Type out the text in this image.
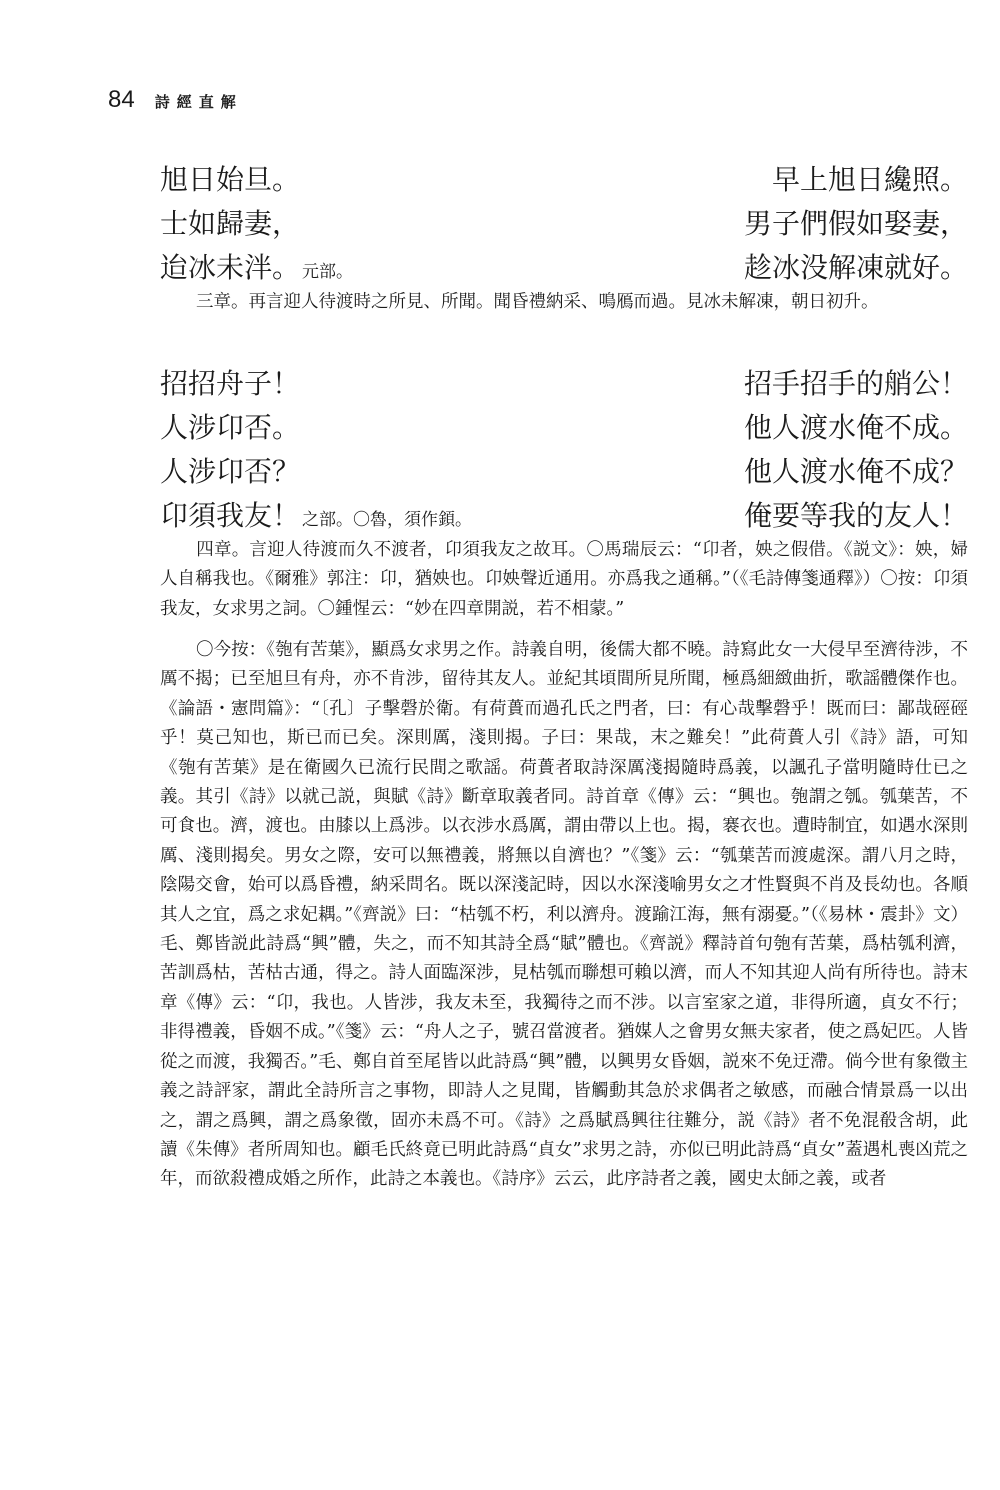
84 詩經直解
旭日始旦。	早上旭日纔照。
士如歸妻，	男子們假如娶妻，
迨冰未泮。 元部。	趁冰没解凍就好。

三章。再言迎人待渡時之所見、所聞。聞昏禮納采、鳴鴈而過。見冰未解凍，朝日初升。

招招舟子！	招手招手的艄公！
人涉卬否。	他人渡水俺不成。
人涉卬否？	他人渡水俺不成？
卬須我友！ 之部。〇魯，須作顉。	俺要等我的友人！

四章。言迎人待渡而久不渡者，卬須我友之故耳。〇馬瑞辰云：“卬者，姎之假借。《説文》：姎，婦人自稱我也。《爾雅》郭注：卬，猶姎也。卬姎聲近通用。亦爲我之通稱。”（《毛詩傳箋通釋》）〇按：卬須我友，女求男之詞。〇鍾惺云：“妙在四章開説，若不相蒙。”

〇今按：《匏有苦葉》，顯爲女求男之作。詩義自明，後儒大都不曉。詩寫此女一大侵早至濟待涉，不厲不揭；已至旭旦有舟，亦不肯涉，留待其友人。並紀其頃間所見所聞，極爲細緻曲折，歌謡體傑作也。《論語・憲問篇》：“〔孔〕子擊磬於衛。有荷蕢而過孔氏之門者，曰：有心哉擊磬乎！既而曰：鄙哉硜硜乎！莫己知也，斯已而已矣。深則厲，淺則揭。子曰：果哉，末之難矣！”此荷蕢人引《詩》語，可知《匏有苦葉》是在衛國久已流行民間之歌謡。荷蕢者取詩深厲淺揭隨時爲義，以諷孔子當明隨時仕已之義。其引《詩》以就己説，與賦《詩》斷章取義者同。詩首章《傳》云：“興也。匏謂之瓠。瓠葉苦，不可食也。濟，渡也。由膝以上爲涉。以衣涉水爲厲，謂由帶以上也。揭，褰衣也。遭時制宜，如遇水深則厲、淺則揭矣。男女之際，安可以無禮義，將無以自濟也？”《箋》云：“瓠葉苦而渡處深。謂八月之時，陰陽交會，始可以爲昏禮，納采問名。既以深淺記時，因以水深淺喻男女之才性賢與不肖及長幼也。各順其人之宜，爲之求妃耦。”《齊説》曰：“枯瓠不朽，利以濟舟。渡踰江海，無有溺憂。”（《易林・震卦》文）毛、鄭皆説此詩爲“興”體，失之，而不知其詩全爲“賦”體也。《齊説》釋詩首句匏有苦葉，爲枯瓠利濟，苦訓爲枯，苦枯古通，得之。詩人面臨深涉，見枯瓠而聯想可賴以濟，而人不知其迎人尚有所待也。詩末章《傳》云：“卬，我也。人皆涉，我友未至，我獨待之而不涉。以言室家之道，非得所適，貞女不行；非得禮義，昏姻不成。”《箋》云：“舟人之子，號召當渡者。猶媒人之會男女無夫家者，使之爲妃匹。人皆從之而渡，我獨否。”毛、鄭自首至尾皆以此詩爲“興”體，以興男女昏姻，説來不免迂滯。倘今世有象徵主義之詩評家，謂此全詩所言之事物，即詩人之見聞，皆觸動其急於求偶者之敏感，而融合情景爲一以出之，謂之爲興，謂之爲象徵，固亦未爲不可。《詩》之爲賦爲興往往難分，説《詩》者不免混殽含胡，此讀《朱傳》者所周知也。顧毛氏終竟已明此詩爲“貞女”求男之詩，亦似已明此詩爲“貞女”蓋遇札喪凶荒之年，而欲殺禮成婚之所作，此詩之本義也。《詩序》云云，此序詩者之義，國史太師之義，或者
